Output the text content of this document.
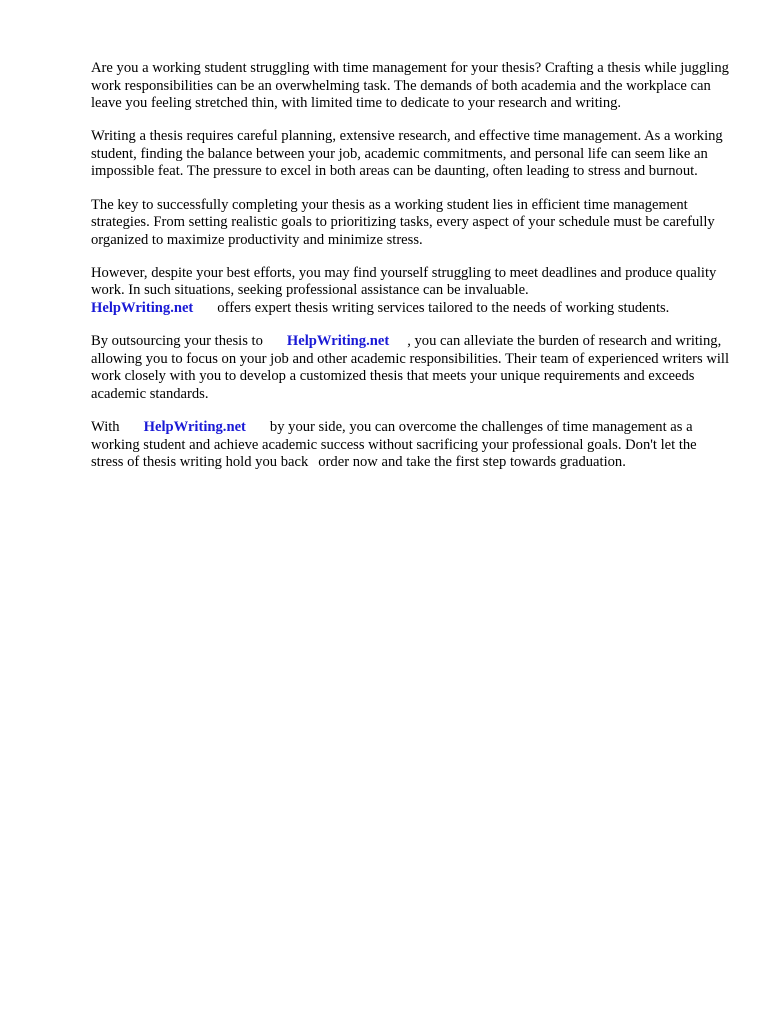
Are you a working student struggling with time management for your thesis? Crafting a thesis while juggling work responsibilities can be an overwhelming task. The demands of both academia and the workplace can leave you feeling stretched thin, with limited time to dedicate to your research and writing.

Writing a thesis requires careful planning, extensive research, and effective time management. As a working student, finding the balance between your job, academic commitments, and personal life can seem like an impossible feat. The pressure to excel in both areas can be daunting, often leading to stress and burnout.

The key to successfully completing your thesis as a working student lies in efficient time management strategies. From setting realistic goals to prioritizing tasks, every aspect of your schedule must be carefully organized to maximize productivity and minimize stress.

However, despite your best efforts, you may find yourself struggling to meet deadlines and produce quality work. In such situations, seeking professional assistance can be invaluable.
HelpWriting.net offers expert thesis writing services tailored to the needs of working students.

By outsourcing your thesis to HelpWriting.net , you can alleviate the burden of research and writing, allowing you to focus on your job and other academic responsibilities. Their team of experienced writers will work closely with you to develop a customized thesis that meets your unique requirements and exceeds academic standards.

With HelpWriting.net by your side, you can overcome the challenges of time management as a working student and achieve academic success without sacrificing your professional goals. Don't let the stress of thesis writing hold you back order now and take the first step towards graduation.
